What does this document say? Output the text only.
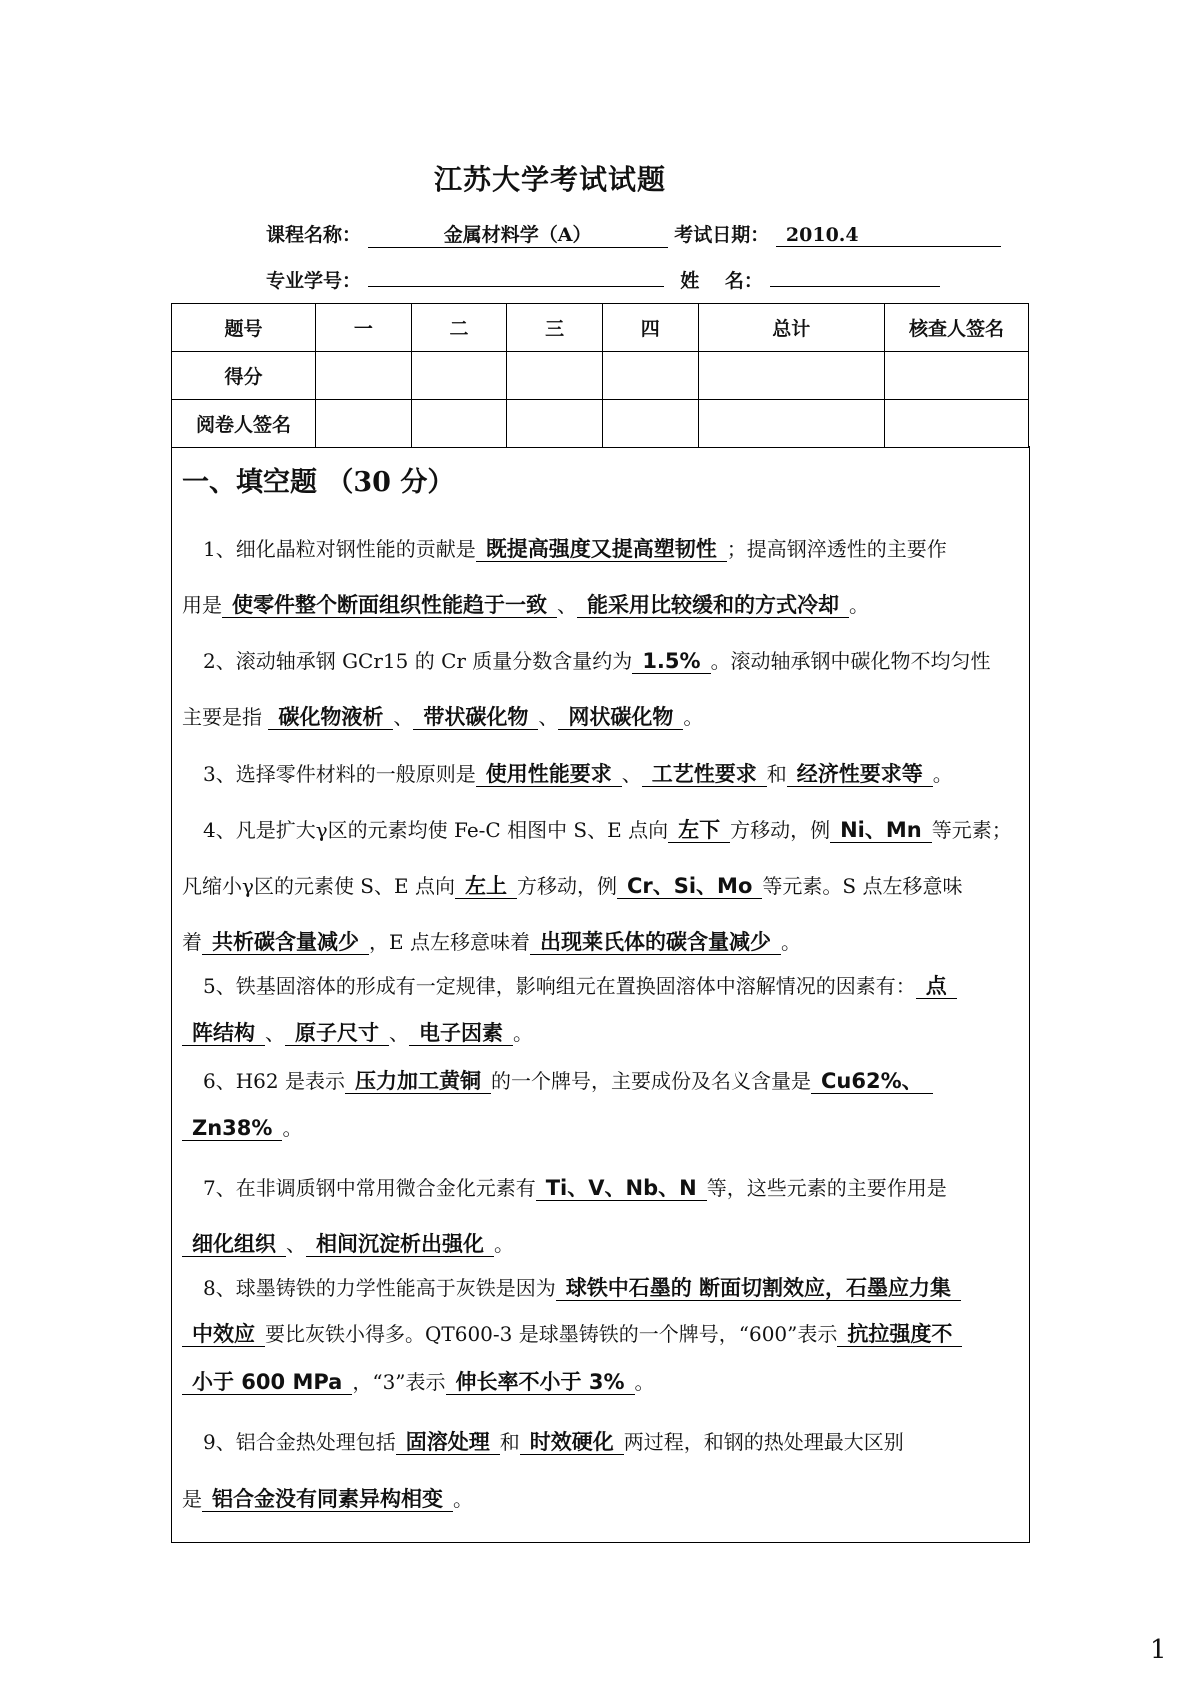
江苏大学考试试题
课程名称：	金属材料学（A）	考试日期： 2010.4
专业学号：	姓　 名：
题号	一	二	三	四	总计	核查人签名
得分						
阅卷人签名						
一、填空题 （30 分）
1、细化晶粒对钢性能的贡献是 既提高强度又提高塑韧性 ；提高钢淬透性的主要作
用是 使零件整个断面组织性能趋于一致 、 能采用比较缓和的方式冷却 。
2、滚动轴承钢 GCr15 的 Cr 质量分数含量约为 1.5% 。滚动轴承钢中碳化物不均匀性
主要是指 碳化物液析 、 带状碳化物 、 网状碳化物 。
3、选择零件材料的一般原则是 使用性能要求 、 工艺性要求 和 经济性要求等 。
4、凡是扩大γ区的元素均使 Fe-C 相图中 S、E 点向 左下 方移动，例 Ni、Mn 等元素；
凡缩小γ区的元素使 S、E 点向 左上 方移动，例 Cr、Si、Mo 等元素。S 点左移意味
着 共析碳含量减少 ，E 点左移意味着 出现莱氏体的碳含量减少 。
5、铁基固溶体的形成有一定规律，影响组元在置换固溶体中溶解情况的因素有： 点
阵结构 、 原子尺寸 、 电子因素 。
6、H62 是表示 压力加工黄铜 的一个牌号，主要成份及名义含量是 Cu62%、
Zn38% 。
7、在非调质钢中常用微合金化元素有 Ti、V、Nb、N 等，这些元素的主要作用是
细化组织 、 相间沉淀析出强化 。
8、球墨铸铁的力学性能高于灰铁是因为 球铁中石墨的 断面切割效应，石墨应力集
中效应 要比灰铁小得多。QT600-3 是球墨铸铁的一个牌号，“600”表示 抗拉强度不
小于 600 MPa ，“3”表示 伸长率不小于 3% 。
9、铝合金热处理包括 固溶处理 和 时效硬化 两过程，和钢的热处理最大区别
是 铝合金没有同素异构相变 。
1
